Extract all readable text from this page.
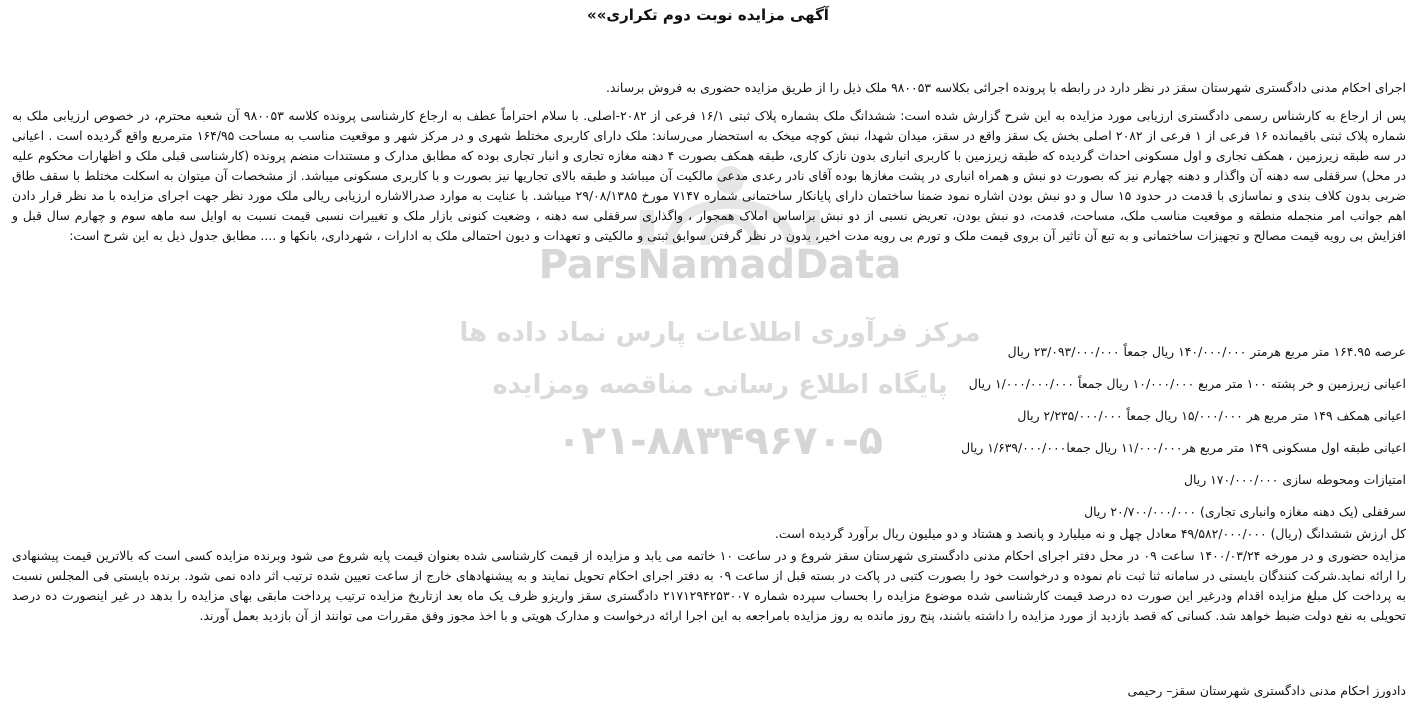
ParsNamadData
مرکز فرآوری اطلاعات پارس نماد داده ها
پایگاه اطلاع رسانی مناقصه ومزایده
۰۲۱-۸۸۳۴۹۶۷۰-۵
آگهی مزایده نوبت دوم تکراری»»
اجرای احکام مدنی دادگستری شهرستان سقز در نظر دارد در رابطه با پرونده اجرائی بکلاسه ۹۸۰۰۵۳ ملک ذیل را از طریق مزایده حضوری به فروش برساند.
پس از ارجاع به کارشناس رسمی دادگستری ارزیابی مورد مزایده به این شرح گزارش شده است: ششدانگ ملک بشماره پلاک ثبتی ۱۶/۱ فرعی از ۲۰۸۲-اصلی. با سلام احتراماً عطف به ارجاع کارشناسی پرونده کلاسه ۹۸۰۰۵۳ آن شعبه محترم، در خصوص ارزیابی ملک به شماره پلاک ثبتی باقیمانده ۱۶ فرعی از ۱ فرعی از ۲۰۸۲ اصلی بخش یک سقز واقع در سقز، میدان شهدا، نبش کوچه میخک به استحضار می‌رساند: ملک دارای کاربری مختلط شهری و در مرکز شهر و موقعیت مناسب به مساحت ۱۶۴/۹۵ مترمربع واقع گردیده است . اعیانی در سه طبقه زیرزمین ، همکف تجاری و اول مسکونی احداث گردیده که طبقه زیرزمین با کاربری انباری بدون نازک کاری، طبقه همکف بصورت ۴ دهنه مغازه تجاری و انبار تجاری بوده که مطابق مدارک و مستندات منضم پرونده (کارشناسی قبلی ملک و اظهارات محکوم علیه در محل) سرقفلی سه دهنه آن واگذار و دهنه چهارم نیز که بصورت دو نبش و همراه انباری در پشت مغازها بوده آقای نادر رعدی مدعی مالکیت آن میباشد و طبقه بالای تجاریها نیز بصورت و با کاربری مسکونی میباشد. از مشخصات آن میتوان به اسکلت مختلط با سقف طاق ضربی بدون کلاف بندی و نماسازی با قدمت در حدود ۱۵ سال و دو نبش بودن اشاره نمود ضمنا ساختمان دارای پایانکار ساختمانی شماره ۷۱۴۷ مورخ ۲۹/۰۸/۱۳۸۵ میباشد. با عنایت به موارد صدرالاشاره ارزیابی ریالی ملک مورد نظر جهت اجرای مزایده با مد نظر قرار دادن اهم جوانب امر منجمله منطقه و موقعیت مناسب ملک، مساحت، قدمت، دو نبش بودن، تعریض نسبی از دو نبش براساس املاک همجوار ، واگذاری سرقفلی سه دهنه ، وضعیت کنونی بازار ملک و تغییرات نسبی قیمت نسبت به اوایل سه ماهه سوم و چهارم سال قبل و افزایش بی رویه قیمت مصالح و تجهیزات ساختمانی و به تبع آن تاثیر آن بروی قیمت ملک و تورم بی رویه مدت اخیر، بدون در نظر گرفتن سوابق ثبتی و مالکیتی و تعهدات و دیون احتمالی ملک به ادارات ، شهرداری، بانکها و .... مطابق جدول ذیل به این شرح است:
عرصه ۱۶۴.۹۵ متر مربع هرمتر ۱۴۰/۰۰۰/۰۰۰ ریال جمعاً ۲۳/۰۹۳/۰۰۰/۰۰۰ ریال
اعیانی زیرزمین و خر پشته ۱۰۰ متر مربع ۱۰/۰۰۰/۰۰۰ ریال جمعاً ۱/۰۰۰/۰۰۰/۰۰۰ ریال
اعیانی همکف ۱۴۹ متر مربع هر ۱۵/۰۰۰/۰۰۰ ریال جمعاً ۲/۲۳۵/۰۰۰/۰۰۰ ریال
اعیانی طبقه اول مسکونی ۱۴۹ متر مربع هر۱۱/۰۰۰/۰۰۰ ریال جمعا۱/۶۳۹/۰۰۰/۰۰۰ ریال
امتیازات ومحوطه سازی ۱۷۰/۰۰۰/۰۰۰ ریال
سرقفلی (یک دهنه مغازه وانباری تجاری) ۲۰/۷۰۰/۰۰۰/۰۰۰ ریال
کل ارزش ششدانگ (ریال) ۴۹/۵۸۲/۰۰۰/۰۰۰ معادل چهل و نه میلیارد و پانصد و هشتاد و دو میلیون ریال برآورد گردیده است.
مزایده حضوری و در مورخه ۱۴۰۰/۰۳/۲۴ ساعت ۰۹ در محل دفتر اجرای احکام مدنی دادگستری شهرستان سقز شروع و در ساعت ۱۰ خاتمه می یابد و مزایده از قیمت کارشناسی شده بعنوان قیمت پایه شروع می شود وبرنده مزایده کسی است که بالاترین قیمت پیشنهادی را ارائه نماید.شرکت کنندگان بایستی در سامانه ثنا ثبت نام نموده و درخواست خود را بصورت کتبی در پاکت در بسته قبل از ساعت ۰۹ به دفتر اجرای احکام تحویل نمایند و به پیشنهادهای خارج از ساعت تعیین شده ترتیب اثر داده نمی شود. برنده بایستی فی المجلس نسبت به پرداخت کل مبلغ مزایده اقدام ودرغیر این صورت ده درصد قیمت کارشناسی شده موضوع مزایده را بحساب سپرده شماره ۲۱۷۱۲۹۴۲۵۳۰۰۷ دادگستری سقز واریزو ظرف یک ماه بعد ازتاریخ مزایده ترتیب پرداخت مابقی بهای مزایده را بدهد در غیر اینصورت ده درصد تحویلی به نفع دولت ضبط خواهد شد. کسانی که قصد بازدید از مورد مزایده را داشته باشند، پنج روز مانده به روز مزایده بامراجعه به این اجرا ارائه درخواست و مدارک هویتی و با اخذ مجوز وفق مقررات می توانند از آن بازدید بعمل آورند.
دادورز احکام مدنی دادگستری شهرستان سقز– رحیمی
